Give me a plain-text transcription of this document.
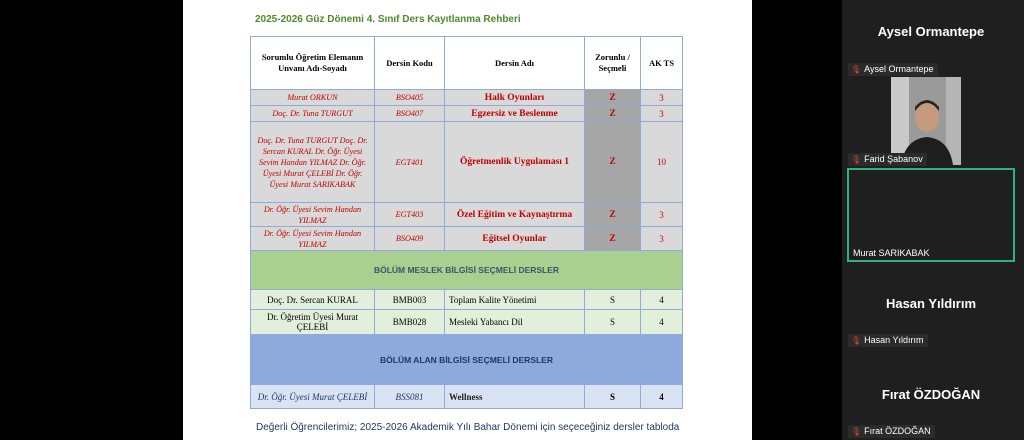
2025-2026 Güz Dönemi 4. Sınıf Ders Kayıtlanma Rehberi
Sorumlu Öğretim Elemanın Unvanı Adı-Soyadı	Dersin Kodu	Dersin Adı	Zorunlu / Seçmeli	AK TS
Murat ORKUN	BSO405	Halk Oyunları	Z	3
Doç. Dr. Tuna TURGUT	BSO407	Egzersiz ve Beslenme	Z	3
Doç. Dr. Tuna TURGUT Doç. Dr. Sercan KURAL Dr. Öğr. Üyesi Sevim Handan YILMAZ Dr. Öğr. Üyesi Murat ÇELEBİ Dr. Öğr. Üyesi Murat SARIKABAK	EGT401	Öğretmenlik Uygulaması 1	Z	10
Dr. Öğr. Üyesi Sevim Handan YILMAZ	EGT403	Özel Eğitim ve Kaynaştırma	Z	3
Dr. Öğr. Üyesi Sevim Handan YILMAZ	BSO409	Eğitsel Oyunlar	Z	3
BÖLÜM MESLEK BİLGİSİ SEÇMELİ DERSLER				
Doç. Dr. Sercan KURAL	BMB003	Toplam Kalite Yönetimi	S	4
Dr. Öğretim Üyesi Murat ÇELEBİ	BMB028	Mesleki Yabancı Dil	S	4
BÖLÜM ALAN BİLGİSİ SEÇMELİ DERSLER				
Dr. Öğr. Üyesi Murat ÇELEBİ	BSS081	Wellness	S	4
Değerli Öğrencilerimiz; 2025-2026 Akademik Yılı Bahar Dönemi için seçeceğiniz dersler tabloda
Aysel Ormantepe
🎙︎ Aysel Ormantepe
🎙︎ Farid Şabanov
Murat SARIKABAK
Hasan Yıldırım
🎙︎ Hasan Yıldırım
Fırat ÖZDOĞAN
🎙︎ Fırat ÖZDOĞAN
